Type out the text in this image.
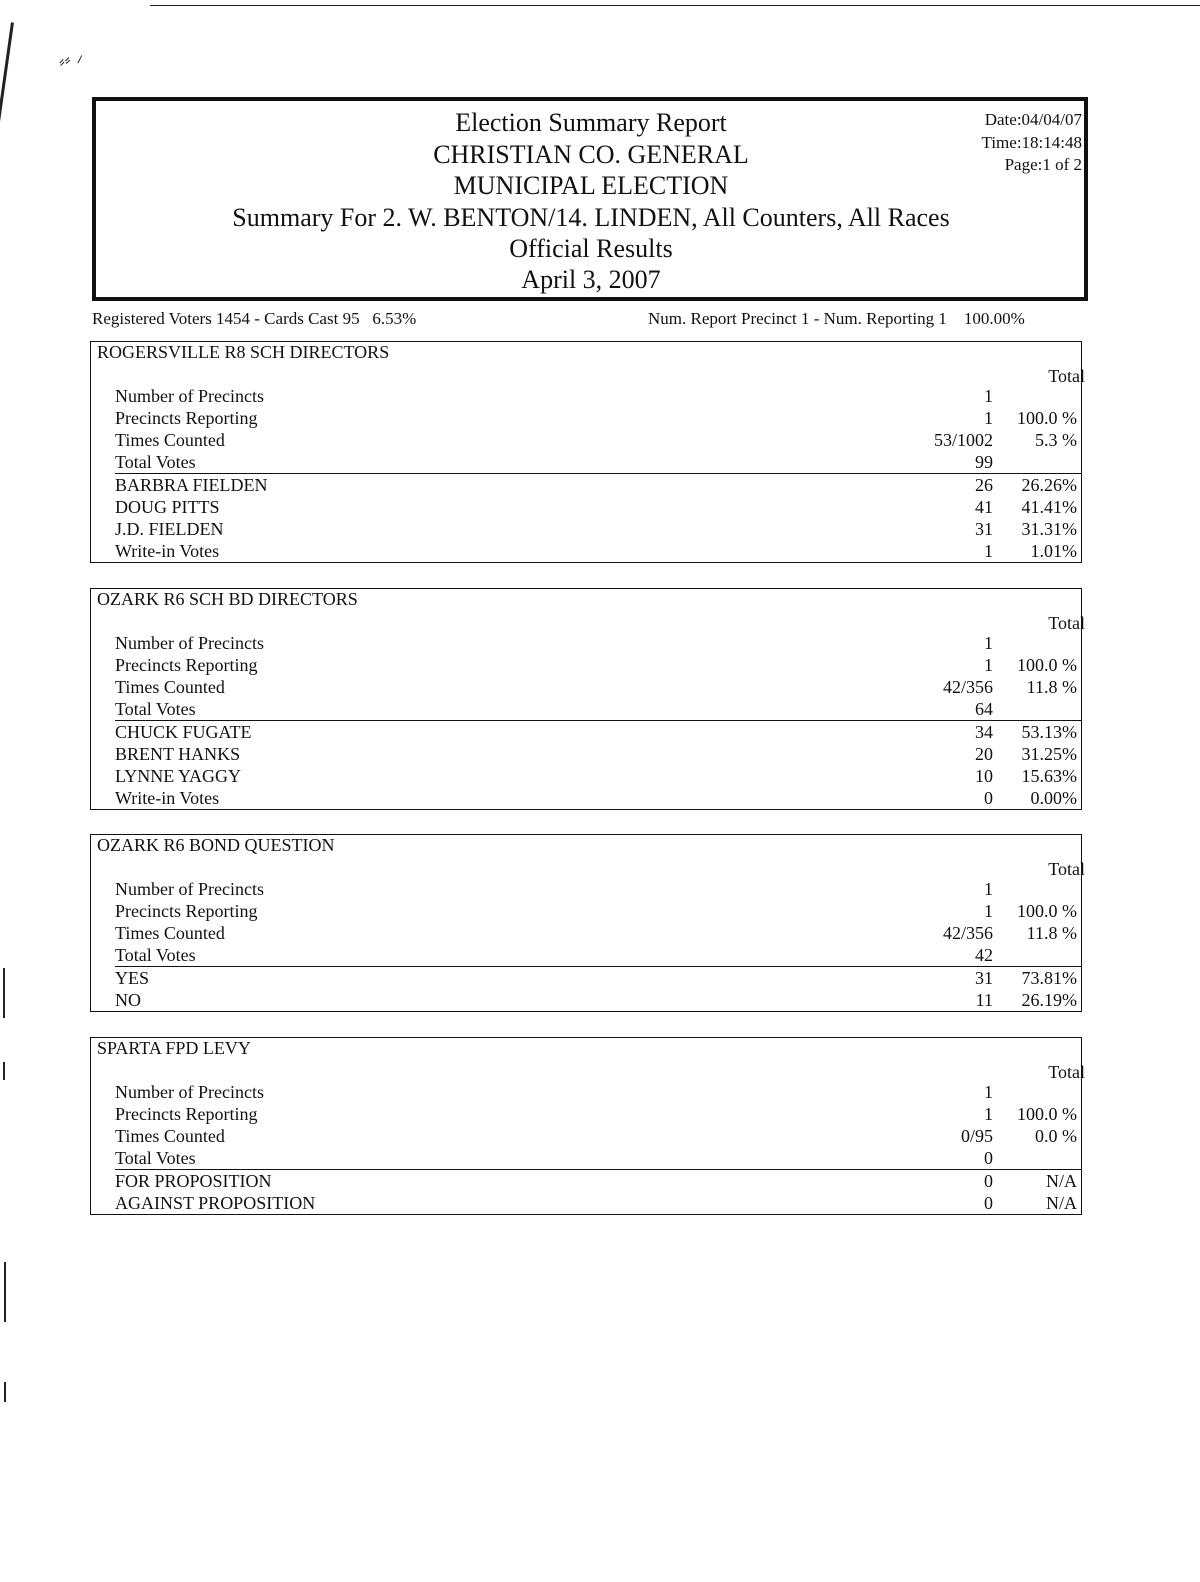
⸗⸗ ⸝
Election Summary Report
CHRISTIAN CO. GENERAL
MUNICIPAL ELECTION
Summary For 2. W. BENTON/14. LINDEN, All Counters, All Races
Official Results
April 3, 2007
Date:04/04/07
Time:18:14:48
Page:1 of 2
Registered Voters 1454 - Cards Cast 95 6.53%	Num. Report Precinct 1 - Num. Reporting 1 100.00%
ROGERSVILLE R8 SCH DIRECTORS
Total
Number of Precincts	1
Precincts Reporting	1 100.0 %
Times Counted	53/1002 5.3 %
Total Votes	99
BARBRA FIELDEN	26 26.26%
DOUG PITTS	41 41.41%
J.D. FIELDEN	31 31.31%
Write-in Votes	1 1.01%
OZARK R6 SCH BD DIRECTORS
Total
Number of Precincts	1
Precincts Reporting	1 100.0 %
Times Counted	42/356 11.8 %
Total Votes	64
CHUCK FUGATE	34 53.13%
BRENT HANKS	20 31.25%
LYNNE YAGGY	10 15.63%
Write-in Votes	0 0.00%
OZARK R6 BOND QUESTION
Total
Number of Precincts	1
Precincts Reporting	1 100.0 %
Times Counted	42/356 11.8 %
Total Votes	42
YES	31 73.81%
NO	11 26.19%
SPARTA FPD LEVY
Total
Number of Precincts	1
Precincts Reporting	1 100.0 %
Times Counted	0/95 0.0 %
Total Votes	0
FOR PROPOSITION	0	N/A
AGAINST PROPOSITION	0	N/A
